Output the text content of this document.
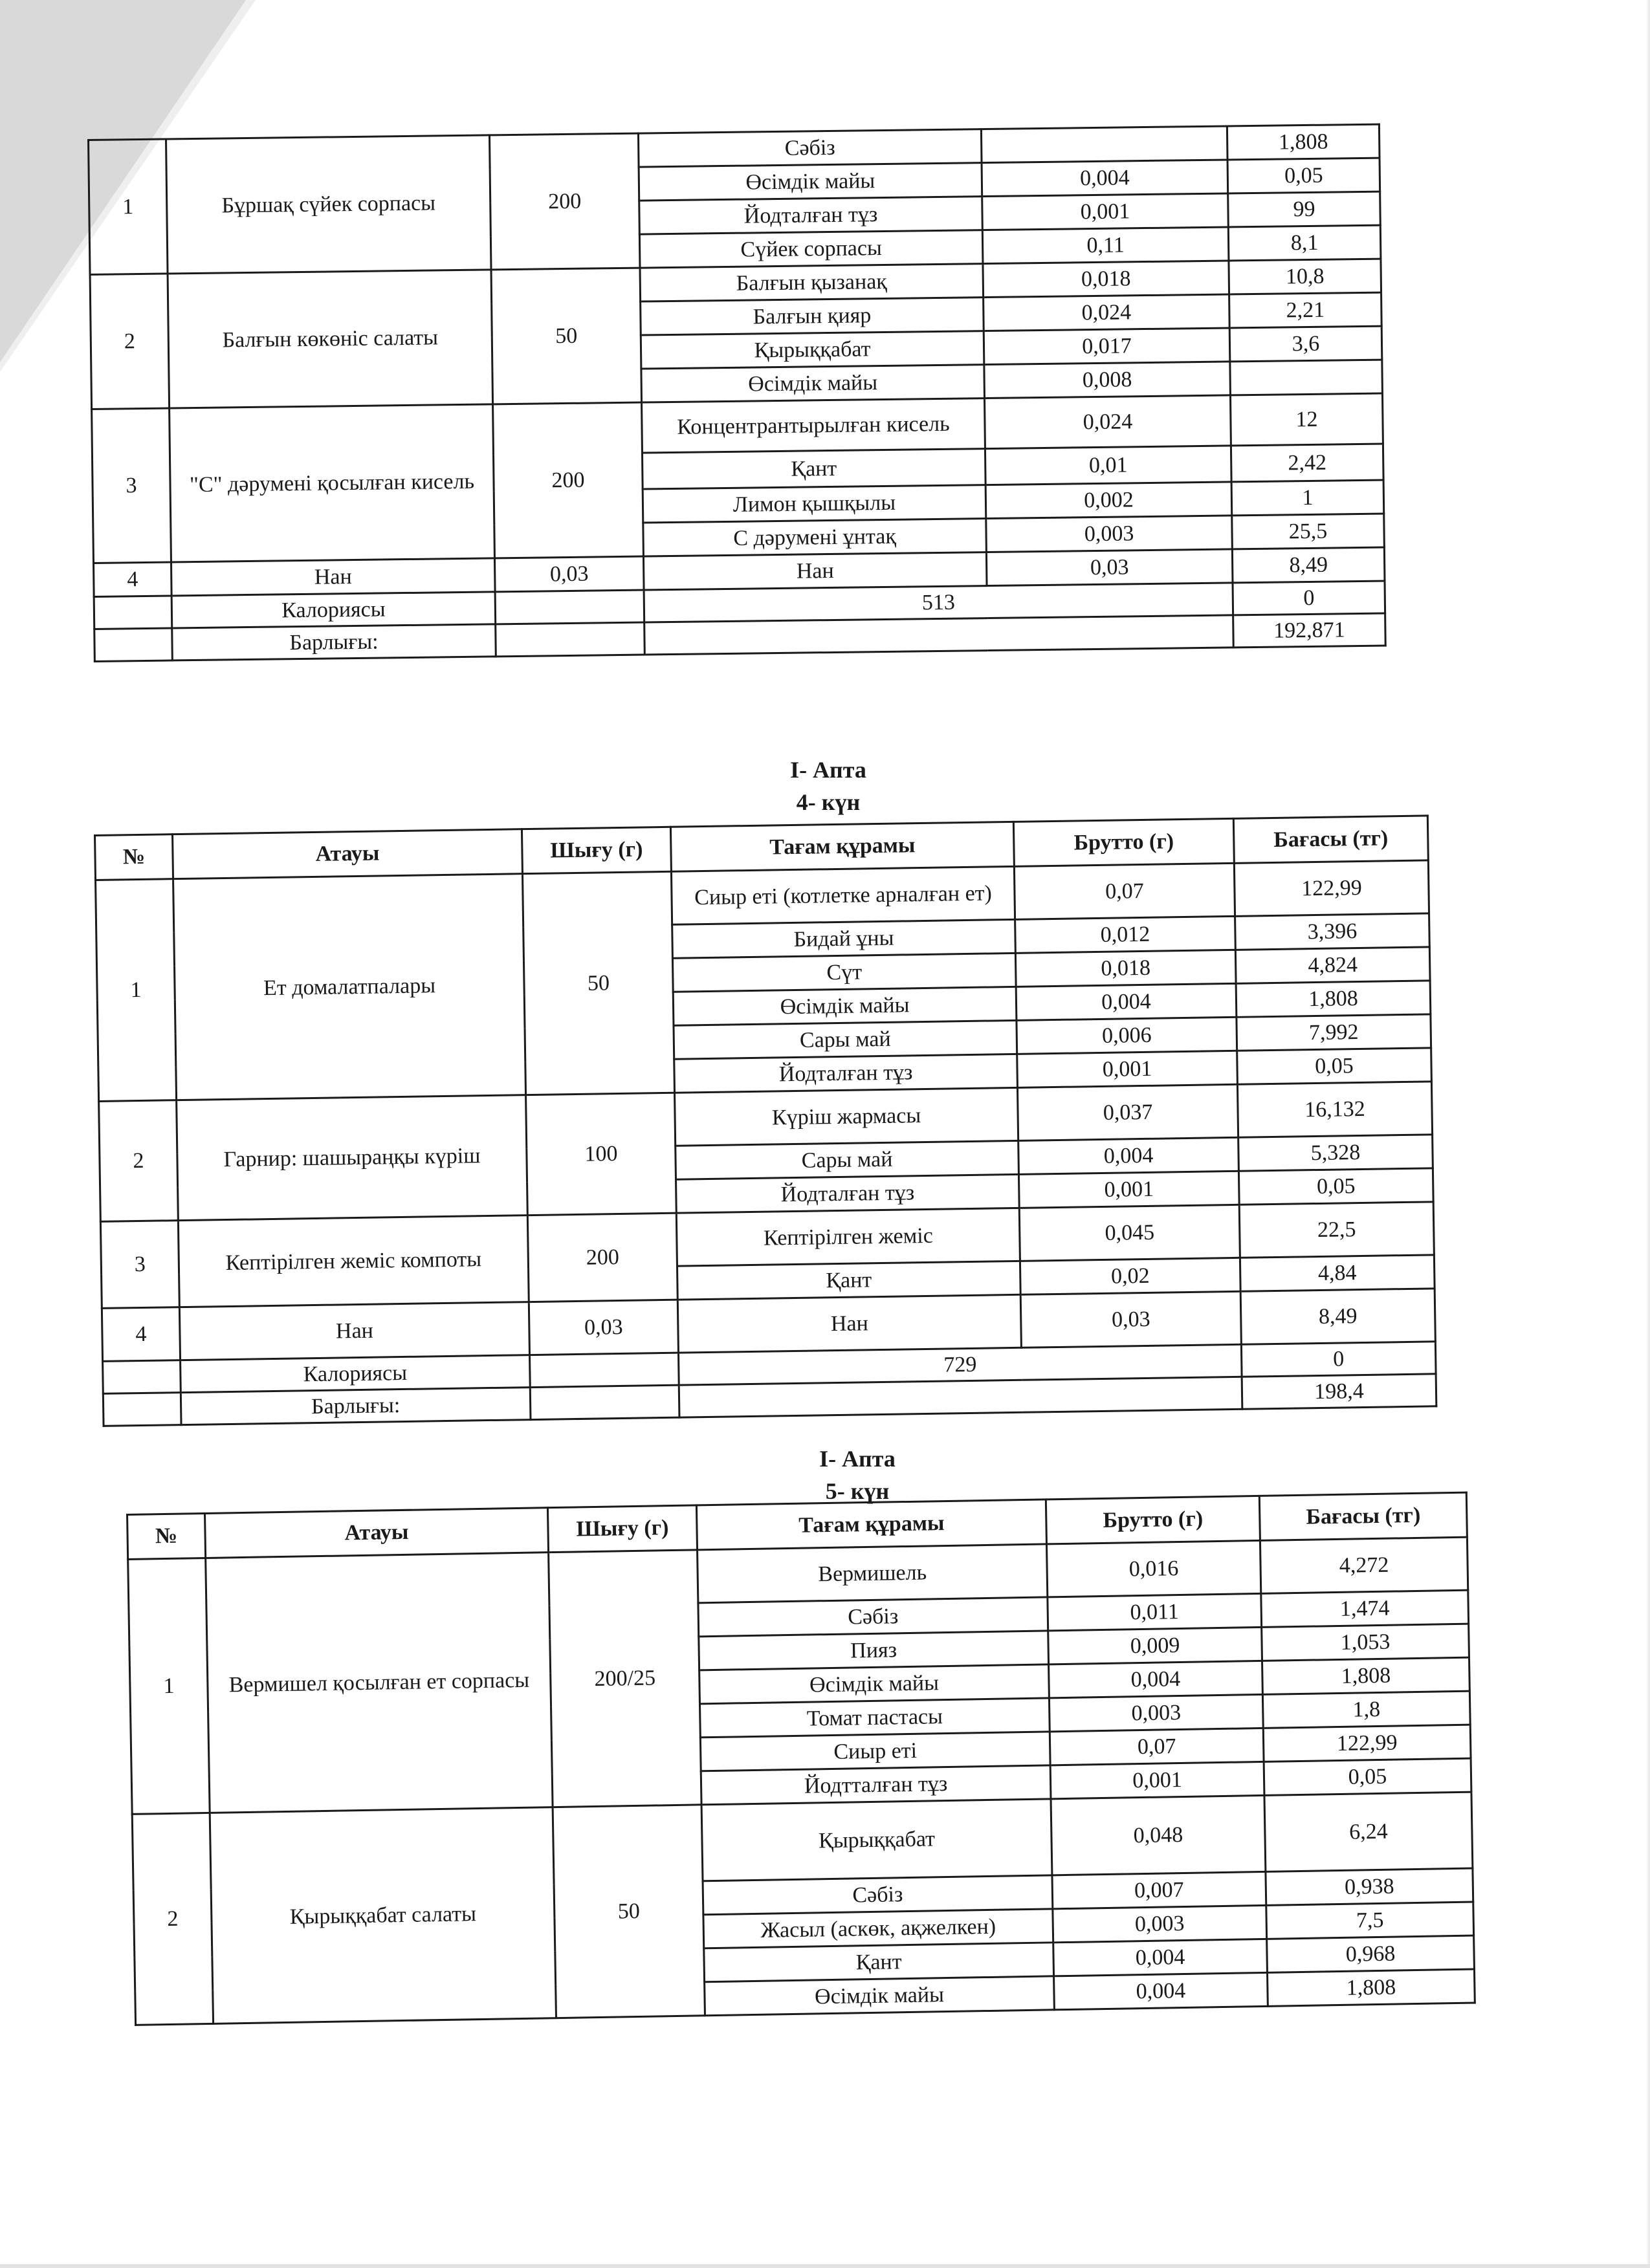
1	Бұршақ сүйек сорпасы	200	Сәбіз		1,808
			Өсімдік майы	0,004	0,05
			Йодталған тұз	0,001	99
			Сүйек сорпасы	0,11	8,1
2	Балғын көкөніс салаты	50	Балғын қызанақ	0,018	10,8
			Балғын қияр	0,024	2,21
			Қырыққабат	0,017	3,6
			Өсімдік майы	0,008	
3	"С" дәрумені қосылған кисель	200	Концентрантырылған кисель	0,024	12
			Қант	0,01	2,42
			Лимон қышқылы	0,002	1
			С дәрумені ұнтақ	0,003	25,5
4	Нан	0,03	Нан	0,03	8,49
	Калориясы		513		0
	Барлығы:				192,871
І- Апта
4- күн
№	Атауы	Шығу (г)	Тағам құрамы	Брутто (г)	Бағасы (тг)
1	Ет домалатпалары	50	Сиыр еті (котлетке арналған ет)	0,07	122,99
			Бидай ұны	0,012	3,396
			Сүт	0,018	4,824
			Өсімдік майы	0,004	1,808
			Сары май	0,006	7,992
			Йодталған тұз	0,001	0,05
2	Гарнир: шашыраңқы күріш	100	Күріш жармасы	0,037	16,132
			Сары май	0,004	5,328
			Йодталған тұз	0,001	0,05
3	Кептірілген жеміс компоты	200	Кептірілген жеміс	0,045	22,5
			Қант	0,02	4,84
4	Нан	0,03	Нан	0,03	8,49
	Калориясы		729		0
	Барлығы:				198,4
І- Апта
5- күн
№	Атауы	Шығу (г)	Тағам құрамы	Брутто (г)	Бағасы (тг)
1	Вермишел қосылған ет сорпасы	200/25	Вермишель	0,016	4,272
			Сәбіз	0,011	1,474
			Пияз	0,009	1,053
			Өсімдік майы	0,004	1,808
			Томат пастасы	0,003	1,8
			Сиыр еті	0,07	122,99
			Йодтталған тұз	0,001	0,05
2	Қырыққабат салаты	50	Қырыққабат	0,048	6,24
			Сәбіз	0,007	0,938
			Жасыл (аскөк, ақжелкен)	0,003	7,5
			Қант	0,004	0,968
			Өсімдік майы	0,004	1,808
